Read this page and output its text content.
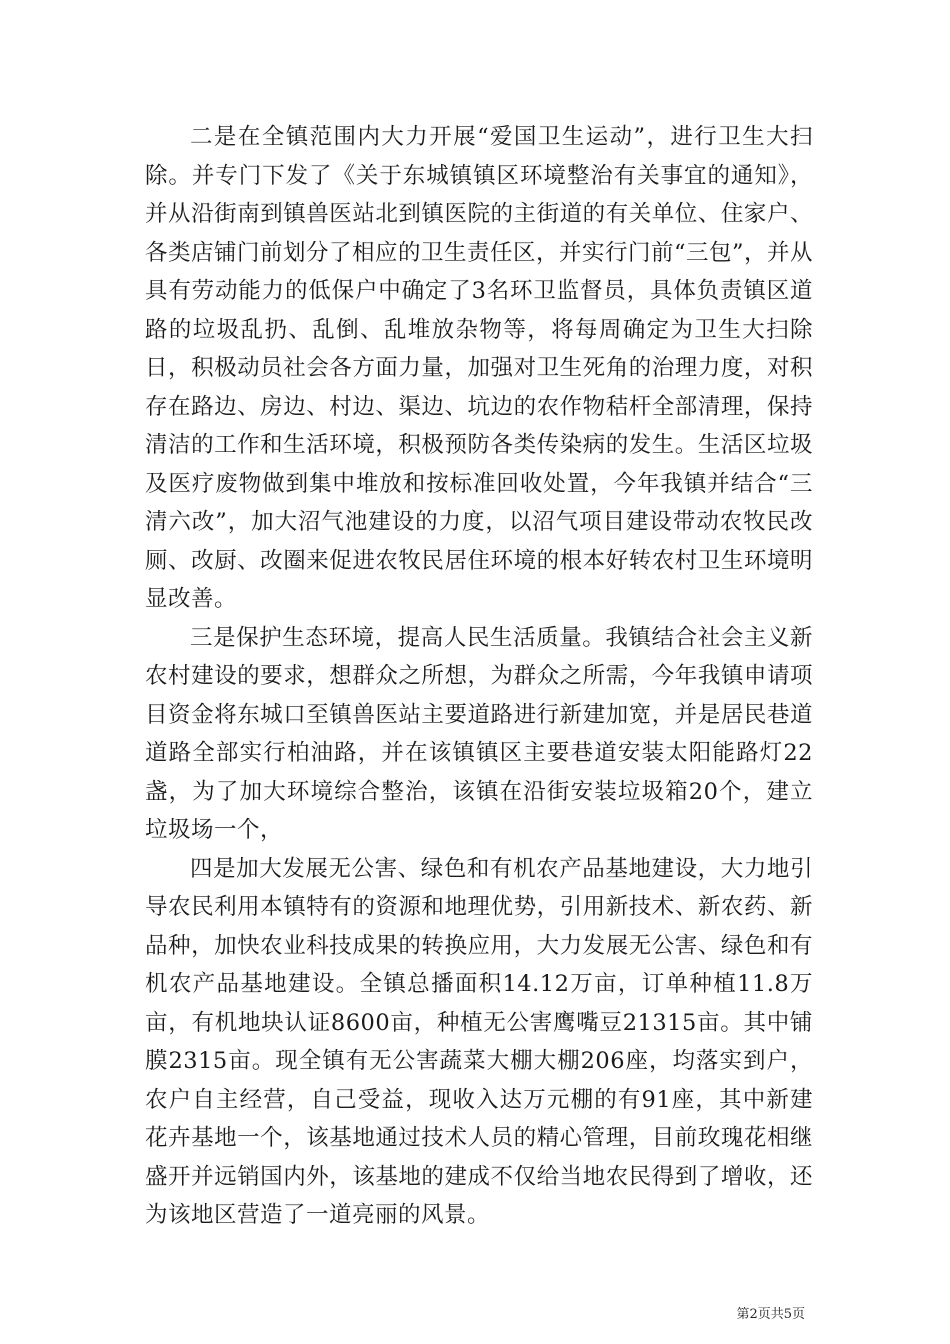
二是在全镇范围内大力开展“爱国卫生运动”，进行卫生大扫除。并专门下发了《关于东城镇镇区环境整治有关事宜的通知》，并从沿街南到镇兽医站北到镇医院的主街道的有关单位、住家户、各类店铺门前划分了相应的卫生责任区，并实行门前“三包”，并从具有劳动能力的低保户中确定了3名环卫监督员，具体负责镇区道路的垃圾乱扔、乱倒、乱堆放杂物等，将每周确定为卫生大扫除日，积极动员社会各方面力量，加强对卫生死角的治理力度，对积存在路边、房边、村边、渠边、坑边的农作物秸杆全部清理，保持清洁的工作和生活环境，积极预防各类传染病的发生。生活区垃圾及医疗废物做到集中堆放和按标准回收处置，今年我镇并结合“三清六改”，加大沼气池建设的力度，以沼气项目建设带动农牧民改厕、改厨、改圈来促进农牧民居住环境的根本好转农村卫生环境明显改善。

三是保护生态环境，提高人民生活质量。我镇结合社会主义新农村建设的要求，想群众之所想，为群众之所需，今年我镇申请项目资金将东城口至镇兽医站主要道路进行新建加宽，并是居民巷道道路全部实行柏油路，并在该镇镇区主要巷道安装太阳能路灯22盏，为了加大环境综合整治，该镇在沿街安装垃圾箱20个，建立垃圾场一个，

四是加大发展无公害、绿色和有机农产品基地建设，大力地引导农民利用本镇特有的资源和地理优势，引用新技术、新农药、新品种，加快农业科技成果的转换应用，大力发展无公害、绿色和有机农产品基地建设。全镇总播面积14.12万亩，订单种植11.8万亩，有机地块认证8600亩，种植无公害鹰嘴豆21315亩。其中铺膜2315亩。现全镇有无公害蔬菜大棚大棚206座，均落实到户，农户自主经营，自己受益，现收入达万元棚的有91座，其中新建花卉基地一个，该基地通过技术人员的精心管理，目前玫瑰花相继盛开并远销国内外，该基地的建成不仅给当地农民得到了增收，还为该地区营造了一道亮丽的风景。

第2页共5页
